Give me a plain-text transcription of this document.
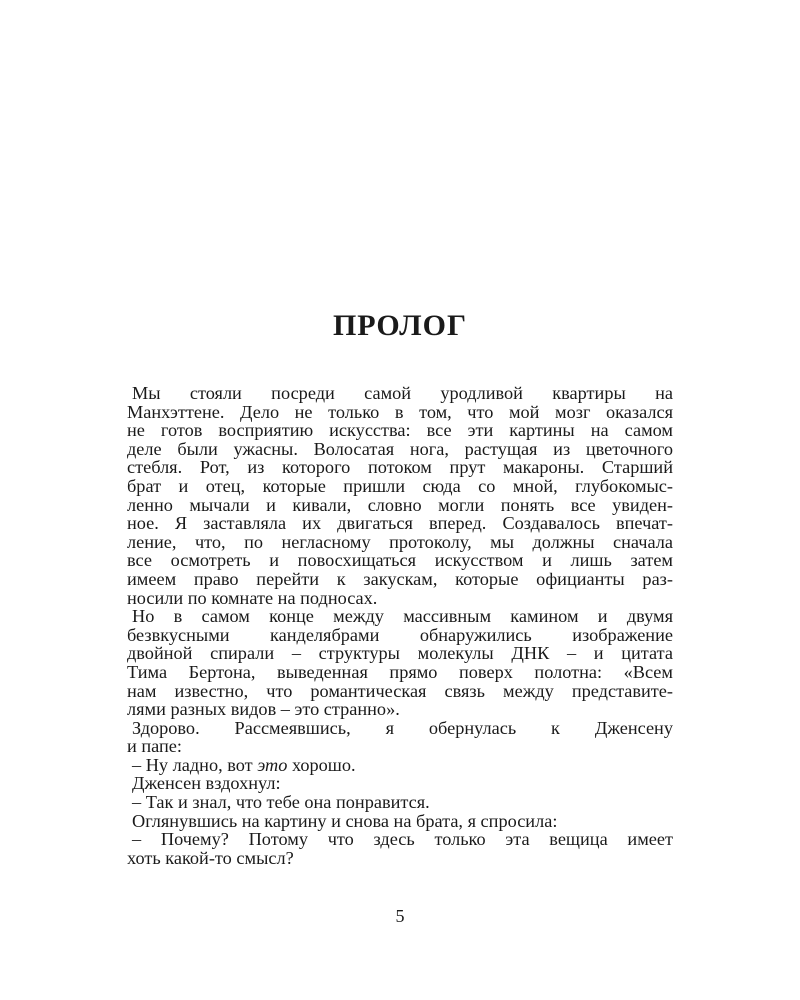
ПРОЛОГ
Мы стояли посреди самой уродливой квартиры на
Манхэттене. Дело не только в том, что мой мозг оказался
не готов восприятию искусства: все эти картины на самом
деле были ужасны. Волосатая нога, растущая из цветочного
стебля. Рот, из которого потоком прут макароны. Старший
брат и отец, которые пришли сюда со мной, глубокомыс-
ленно мычали и кивали, словно могли понять все увиден-
ное. Я заставляла их двигаться вперед. Создавалось впечат-
ление, что, по негласному протоколу, мы должны сначала
все осмотреть и повосхищаться искусством и лишь затем
имеем право перейти к закускам, которые официанты раз-
носили по комнате на подносах.
Но в самом конце между массивным камином и двумя
безвкусными канделябрами обнаружились изображение
двойной спирали – структуры молекулы ДНК – и цитата
Тима Бертона, выведенная прямо поверх полотна: «Всем
нам известно, что романтическая связь между представите-
лями разных видов – это странно».
Здорово. Рассмеявшись, я обернулась к Дженсену
и папе:
– Ну ладно, вот это хорошо.
Дженсен вздохнул:
– Так и знал, что тебе она понравится.
Оглянувшись на картину и снова на брата, я спросила:
– Почему? Потому что здесь только эта вещица имеет
хоть какой-то смысл?
5
